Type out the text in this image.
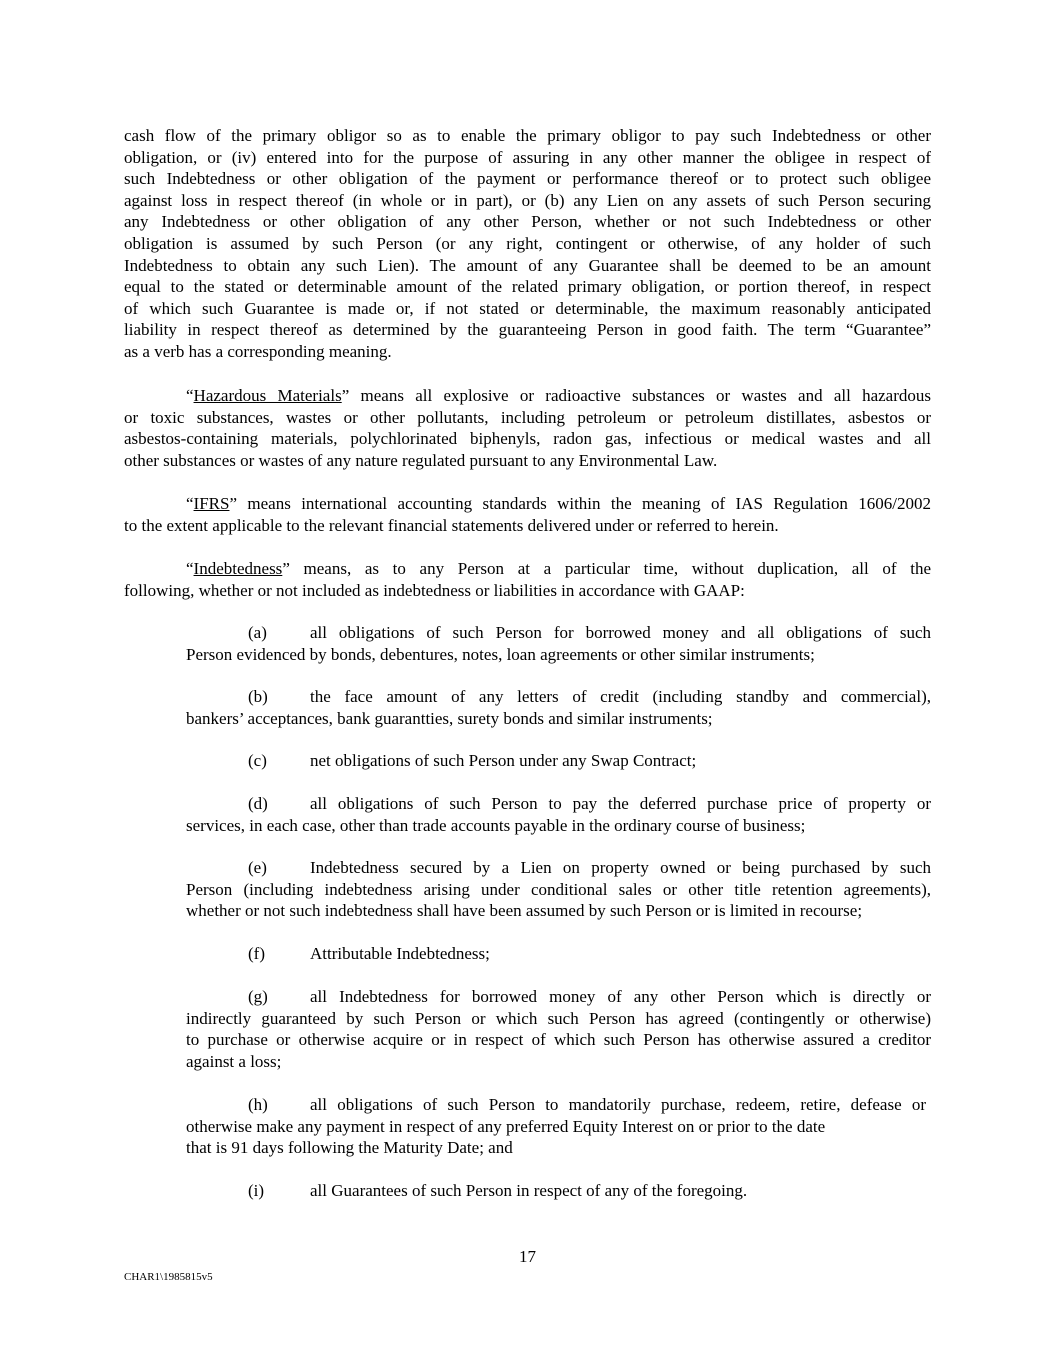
cash flow of the primary obligor so as to enable the primary obligor to pay such Indebtedness or other
obligation, or (iv) entered into for the purpose of assuring in any other manner the obligee in respect of
such Indebtedness or other obligation of the payment or performance thereof or to protect such obligee
against loss in respect thereof (in whole or in part), or (b) any Lien on any assets of such Person securing
any Indebtedness or other obligation of any other Person, whether or not such Indebtedness or other
obligation is assumed by such Person (or any right, contingent or otherwise, of any holder of such
Indebtedness to obtain any such Lien). The amount of any Guarantee shall be deemed to be an amount
equal to the stated or determinable amount of the related primary obligation, or portion thereof, in respect
of which such Guarantee is made or, if not stated or determinable, the maximum reasonably anticipated
liability in respect thereof as determined by the guaranteeing Person in good faith. The term “Guarantee”
as a verb has a corresponding meaning.
“Hazardous Materials” means all explosive or radioactive substances or wastes and all hazardous
or toxic substances, wastes or other pollutants, including petroleum or petroleum distillates, asbestos or
asbestos-containing materials, polychlorinated biphenyls, radon gas, infectious or medical wastes and all
other substances or wastes of any nature regulated pursuant to any Environmental Law.
“IFRS” means international accounting standards within the meaning of IAS Regulation 1606/2002
to the extent applicable to the relevant financial statements delivered under or referred to herein.
“Indebtedness” means, as to any Person at a particular time, without duplication, all of the
following, whether or not included as indebtedness or liabilities in accordance with GAAP:
(a)	all obligations of such Person for borrowed money and all obligations of such
Person evidenced by bonds, debentures, notes, loan agreements or other similar instruments;
(b) the face amount of any letters of credit (including standby and commercial),
bankers’ acceptances, bank guarantties, surety bonds and similar instruments;
(c)	net obligations of such Person under any Swap Contract;
(d) all obligations of such Person to pay the deferred purchase price of property or
services, in each case, other than trade accounts payable in the ordinary course of business;
(e)	Indebtedness secured by a Lien on property owned or being purchased by such
Person (including indebtedness arising under conditional sales or other title retention agreements),
whether or not such indebtedness shall have been assumed by such Person or is limited in recourse;
(f)	Attributable Indebtedness;
(g) all Indebtedness for borrowed money of any other Person which is directly or
indirectly guaranteed by such Person or which such Person has agreed (contingently or otherwise)
to purchase or otherwise acquire or in respect of which such Person has otherwise assured a creditor
against a loss;
(h) all obligations of such Person to mandatorily purchase, redeem, retire, defease or
otherwise make any payment in respect of any preferred Equity Interest on or prior to the date
that is 91 days following the Maturity Date; and
(i)	all Guarantees of such Person in respect of any of the foregoing.
17
CHAR1\1985815v5
